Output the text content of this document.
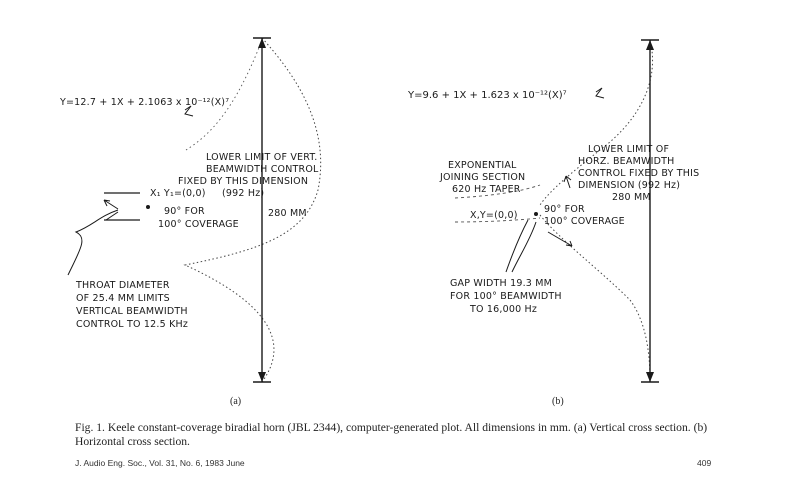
Y=12.7 + 1X + 2.1063 x 10⁻¹²(X)⁷
LOWER LIMIT OF VERT.
BEAMWIDTH CONTROL
FIXED BY THIS DIMENSION
(992 Hz)
280 MM
X₁ Y₁=(0,0)
90° FOR
100° COVERAGE
THROAT DIAMETER
OF 25.4 MM LIMITS
VERTICAL BEAMWIDTH
CONTROL TO 12.5 KHz
(a)
Y=9.6 + 1X + 1.623 x 10⁻¹²(X)⁷
LOWER LIMIT OF
HORZ. BEAMWIDTH
CONTROL FIXED BY THIS
DIMENSION (992 Hz)
280 MM
EXPONENTIAL
JOINING SECTION
620 Hz TAPER
X,Y=(0,0)
90° FOR
100° COVERAGE
GAP WIDTH 19.3 MM
FOR 100° BEAMWIDTH
TO 16,000 Hz
(b)
Fig. 1. Keele constant-coverage biradial horn (JBL 2344), computer-generated plot. All dimensions in mm. (a) Vertical cross section. (b) Horizontal cross section.
J. Audio Eng. Soc., Vol. 31, No. 6, 1983 June	409
